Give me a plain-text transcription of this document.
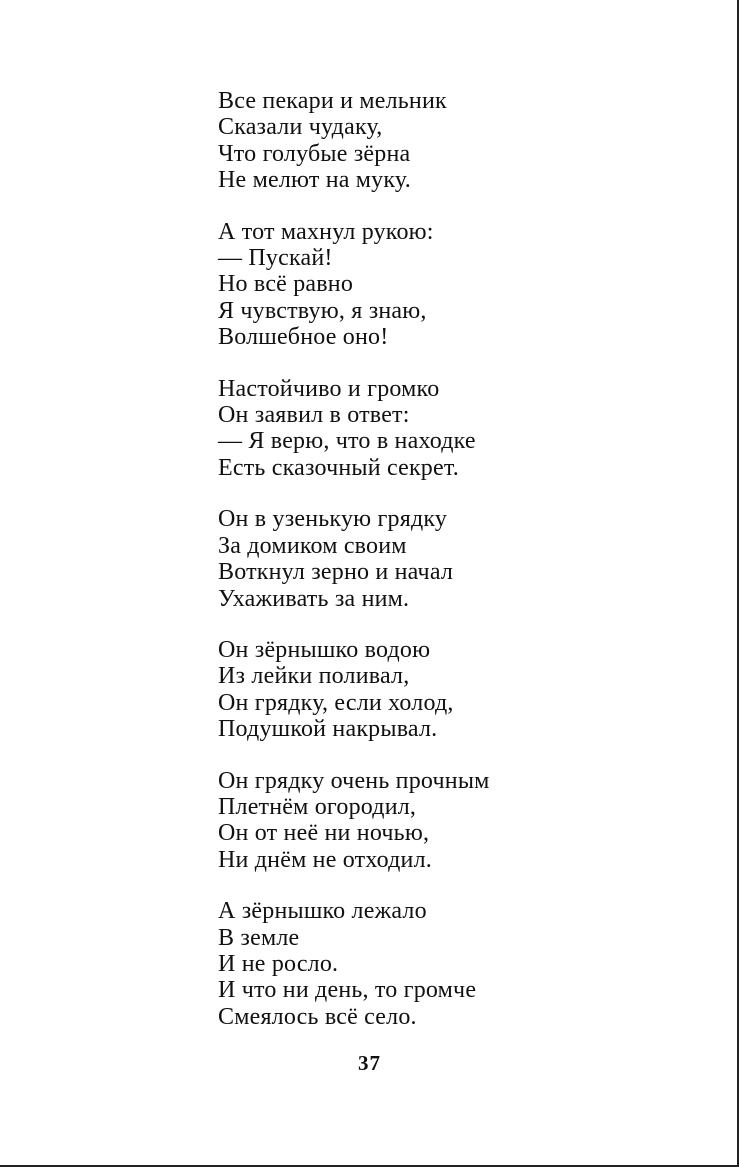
Все пекари и мельник
Сказали чудаку,
Что голубые зёрна
Не мелют на муку.
А тот махнул рукою:
— Пускай!
Но всё равно
Я чувствую, я знаю,
Волшебное оно!
Настойчиво и громко
Он заявил в ответ:
— Я верю, что в находке
Есть сказочный секрет.
Он в узенькую грядку
За домиком своим
Воткнул зерно и начал
Ухаживать за ним.
Он зёрнышко водою
Из лейки поливал,
Он грядку, если холод,
Подушкой накрывал.
Он грядку очень прочным
Плетнём огородил,
Он от неё ни ночью,
Ни днём не отходил.
А зёрнышко лежало
В земле
И не росло.
И что ни день, то громче
Смеялось всё село.
37
